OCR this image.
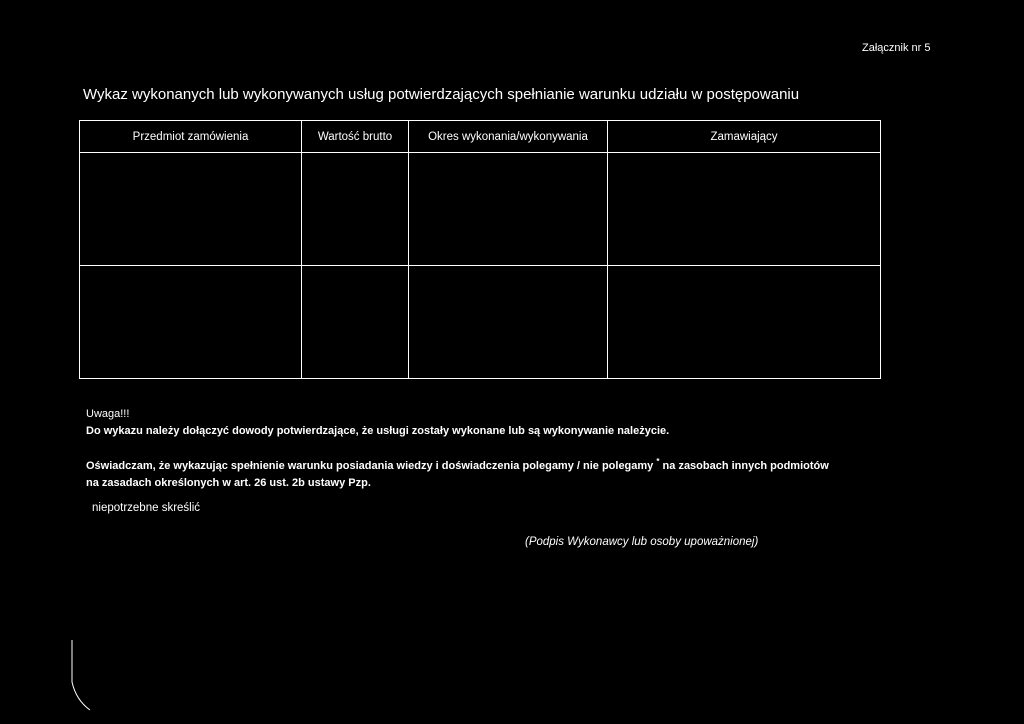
Załącznik nr 5
Wykaz wykonanych lub wykonywanych usług potwierdzających spełnianie warunku udziału w postępowaniu
Przedmiot zamówienia	Wartość brutto	Okres wykonania/wykonywania	Zamawiający

Uwaga!!!
Do wykazu należy dołączyć dowody potwierdzające, że usługi zostały wykonane lub są wykonywanie należycie.
Oświadczam, że wykazując spełnienie warunku posiadania wiedzy i doświadczenia polegamy / nie polegamy * na zasobach innych podmiotów
na zasadach określonych w art. 26 ust. 2b ustawy Pzp.
niepotrzebne skreślić
(Podpis Wykonawcy lub osoby upoważnionej)
